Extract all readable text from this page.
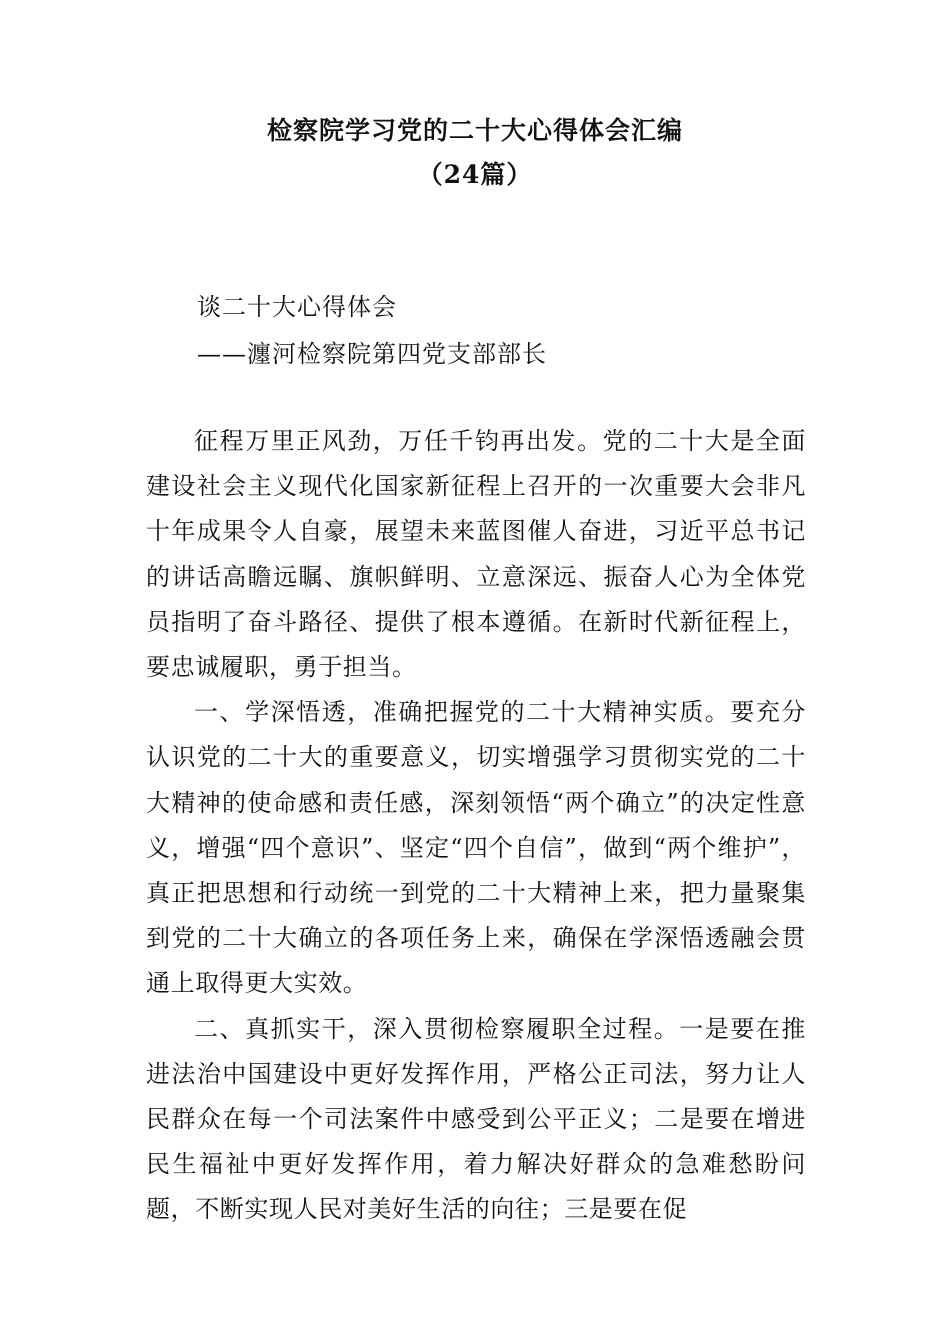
检察院学习党的二十大心得体会汇编
（24篇）
谈二十大心得体会
——瀍河检察院第四党支部部长

征程万里正风劲，万任千钧再出发。党的二十大是全面建设社会主义现代化国家新征程上召开的一次重要大会非凡十年成果令人自豪，展望未来蓝图催人奋进，习近平总书记的讲话高瞻远瞩、旗帜鲜明、立意深远、振奋人心为全体党员指明了奋斗路径、提供了根本遵循。在新时代新征程上，要忠诚履职，勇于担当。

一、学深悟透，准确把握党的二十大精神实质。要充分认识党的二十大的重要意义，切实增强学习贯彻实党的二十大精神的使命感和责任感，深刻领悟“两个确立”的决定性意义，增强“四个意识”、坚定“四个自信”，做到“两个维护”，真正把思想和行动统一到党的二十大精神上来，把力量聚集到党的二十大确立的各项任务上来，确保在学深悟透融会贯通上取得更大实效。

二、真抓实干，深入贯彻检察履职全过程。一是要在推进法治中国建设中更好发挥作用，严格公正司法，努力让人民群众在每一个司法案件中感受到公平正义；二是要在增进民生福祉中更好发挥作用，着力解决好群众的急难愁盼问题，不断实现人民对美好生活的向往；三是要在促
